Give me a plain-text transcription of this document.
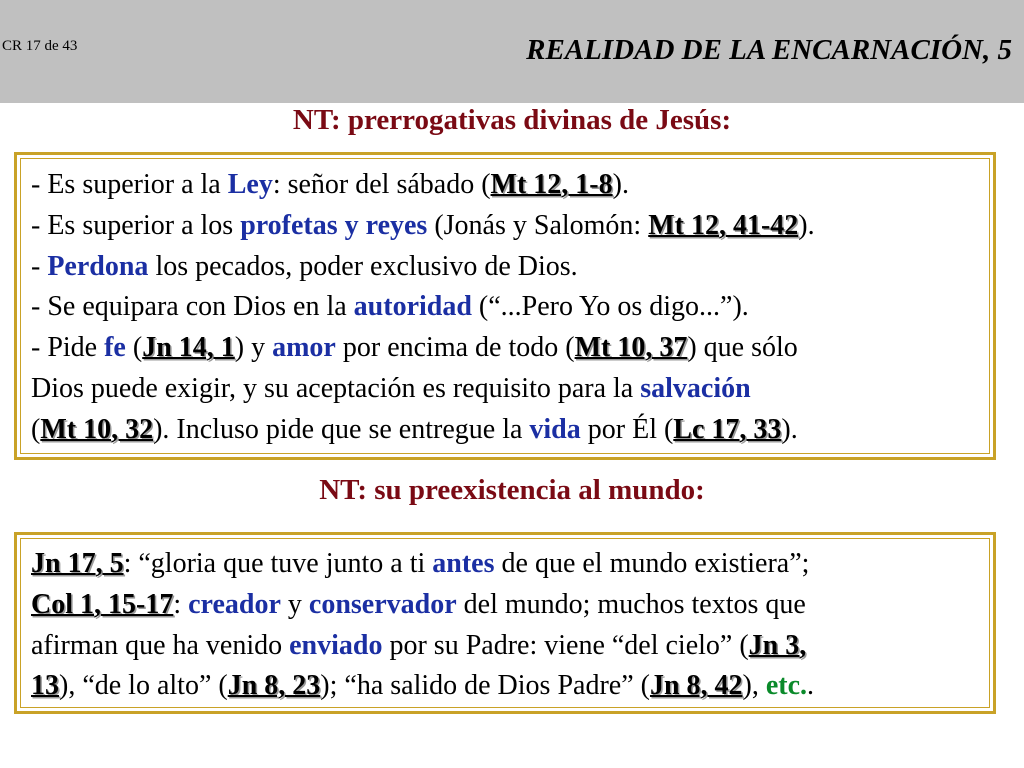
CR 17 de 43	REALIDAD DE LA ENCARNACIÓN, 5
NT: prerrogativas divinas de Jesús:
- Es superior a la Ley: señor del sábado (Mt 12, 1-8).
- Es superior a los profetas y reyes (Jonás y Salomón: Mt 12, 41-42).
- Perdona los pecados, poder exclusivo de Dios.
- Se equipara con Dios en la autoridad (“...Pero Yo os digo...”).
- Pide fe (Jn 14, 1) y amor por encima de todo (Mt 10, 37) que sólo
Dios puede exigir, y su aceptación es requisito para la salvación
(Mt 10, 32). Incluso pide que se entregue la vida por Él (Lc 17, 33).
NT: su preexistencia al mundo:
Jn 17, 5: “gloria que tuve junto a ti antes de que el mundo existiera”;
Col 1, 15-17: creador y conservador del mundo; muchos textos que
afirman que ha venido enviado por su Padre: viene “del cielo” (Jn 3,
13), “de lo alto” (Jn 8, 23); “ha salido de Dios Padre” (Jn 8, 42), etc..
